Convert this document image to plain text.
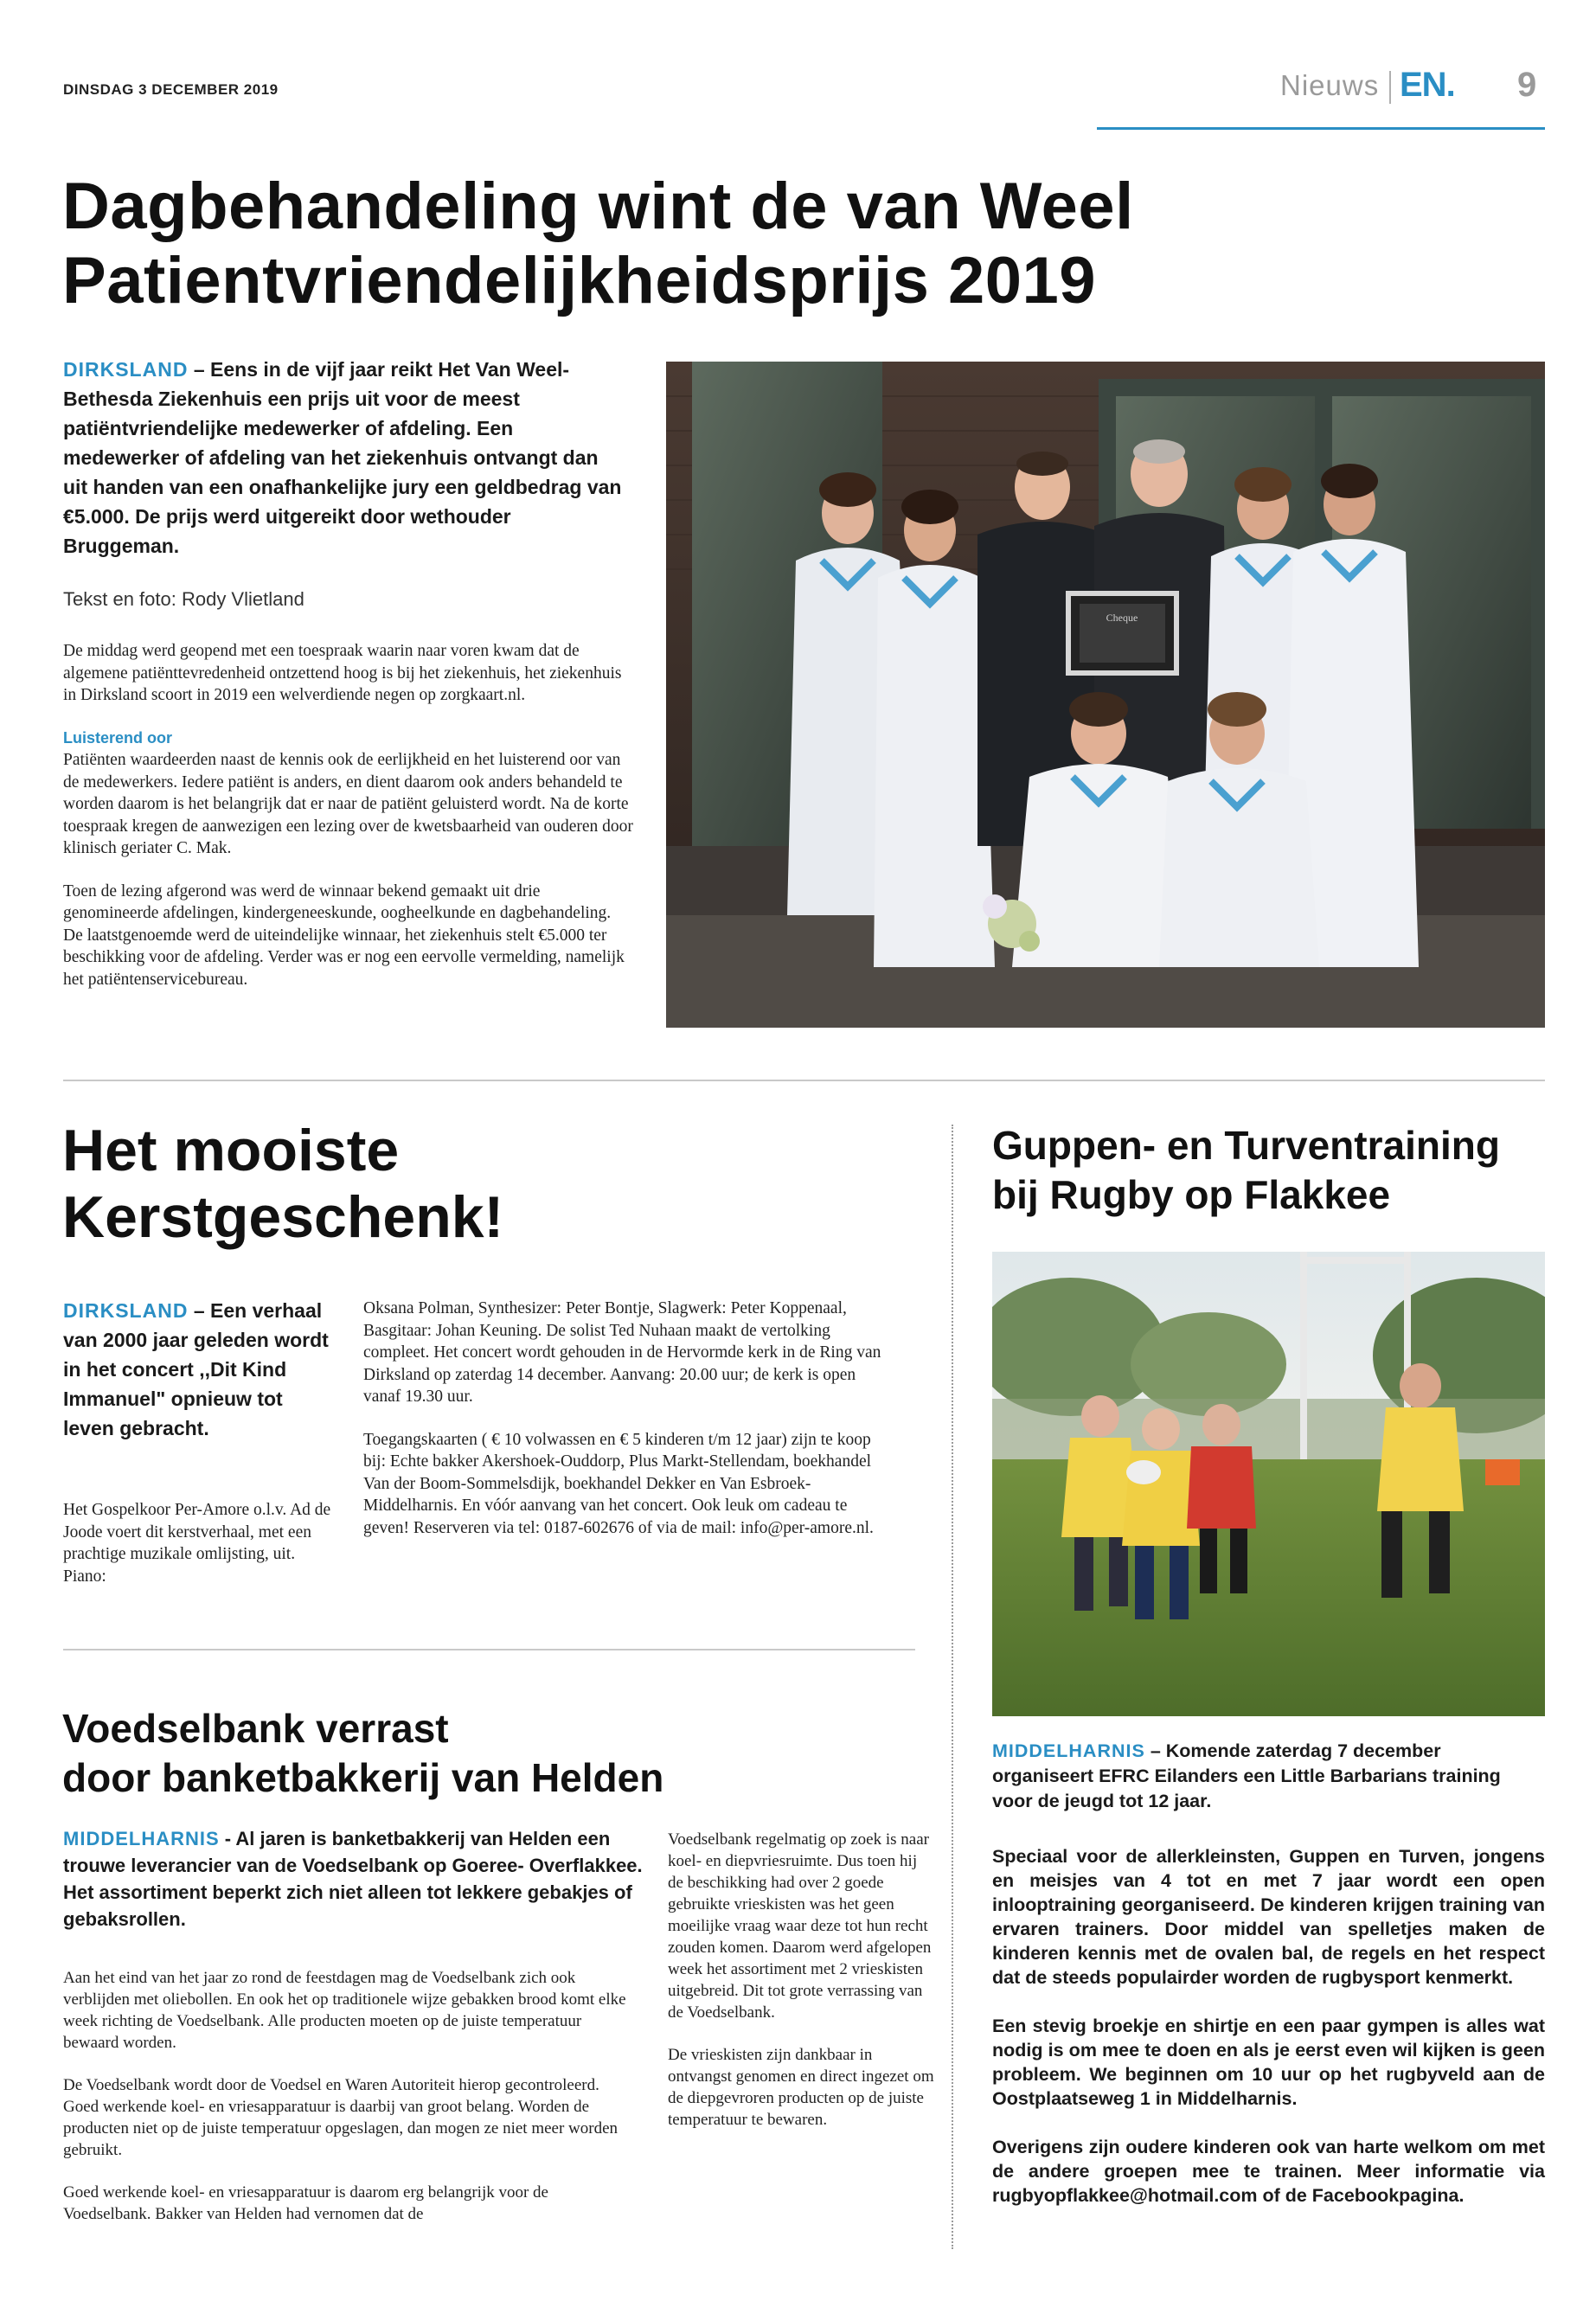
DINSDAG 3 DECEMBER 2019	Nieuws EN. 9
Dagbehandeling wint de van Weel
Patientvriendelijkheidsprijs 2019
DIRKSLAND – Eens in de vijf jaar reikt Het Van Weel-Bethesda Ziekenhuis een prijs uit voor de meest patiëntvriendelijke medewerker of afdeling. Een medewerker of afdeling van het ziekenhuis ontvangt dan uit handen van een onafhankelijke jury een geldbedrag van €5.000. De prijs werd uitgereikt door wethouder Bruggeman.
Tekst en foto: Rody Vlietland

De middag werd geopend met een toespraak waarin naar voren kwam dat de algemene patiënttevredenheid ontzettend hoog is bij het ziekenhuis, het ziekenhuis in Dirksland scoort in 2019 een welverdiende negen op zorgkaart.nl.

Luisterend oor

Patiënten waardeerden naast de kennis ook de eerlijkheid en het luisterend oor van de medewerkers. Iedere patiënt is anders, en dient daarom ook anders behandeld te worden daarom is het belangrijk dat er naar de patiënt geluisterd wordt. Na de korte toespraak kregen de aanwezigen een lezing over de kwetsbaarheid van ouderen door klinisch geriater C. Mak.

Toen de lezing afgerond was werd de winnaar bekend gemaakt uit drie genomineerde afdelingen, kindergeneeskunde, oogheelkunde en dagbehandeling. De laatstgenoemde werd de uiteindelijke winnaar, het ziekenhuis stelt €5.000 ter beschikking voor de afdeling. Verder was er nog een eervolle vermelding, namelijk het patiëntenservicebureau.

Cheque
Het mooiste
Kerstgeschenk!
DIRKSLAND – Een verhaal van 2000 jaar geleden wordt in het concert ,,Dit Kind Immanuel" opnieuw tot leven gebracht.

Het Gospelkoor Per-Amore o.l.v. Ad de Joode voert dit kerstverhaal, met een prachtige muzikale omlijsting, uit. Piano:

Oksana Polman, Synthesizer: Peter Bontje, Slagwerk: Peter Koppenaal, Basgitaar: Johan Keuning. De solist Ted Nuhaan maakt de vertolking compleet. Het concert wordt gehouden in de Hervormde kerk in de Ring van Dirksland op zaterdag 14 december. Aanvang: 20.00 uur; de kerk is open vanaf 19.30 uur.

Toegangskaarten ( € 10 volwassen en € 5 kinderen t/m 12 jaar) zijn te koop bij: Echte bakker Akershoek-Ouddorp, Plus Markt-Stellendam, boekhandel Van der Boom-Sommelsdijk, boekhandel Dekker en Van Esbroek-Middelharnis. En vóór aanvang van het concert. Ook leuk om cadeau te geven! Reserveren via tel: 0187-602676 of via de mail: info@per-amore.nl.

Guppen- en Turventraining
bij Rugby op Flakkee
MIDDELHARNIS – Komende zaterdag 7 december organiseert EFRC Eilanders een Little Barbarians training voor de jeugd tot 12 jaar.

Speciaal voor de allerkleinsten, Guppen en Turven, jongens en meisjes van 4 tot en met 7 jaar wordt een open inlooptraining georganiseerd. De kinderen krijgen training van ervaren trainers. Door middel van spelletjes maken de kinderen kennis met de ovalen bal, de regels en het respect dat de steeds populairder worden de rugbysport kenmerkt.

Een stevig broekje en shirtje en een paar gympen is alles wat nodig is om mee te doen en als je eerst even wil kijken is geen probleem. We beginnen om 10 uur op het rugbyveld aan de Oostplaatseweg 1 in Middelharnis.

Overigens zijn oudere kinderen ook van harte welkom om met de andere groepen mee te trainen. Meer informatie via rugbyopflakkee@hotmail.com of de Facebookpagina.

Voedselbank verrast
door banketbakkerij van Helden
MIDDELHARNIS - Al jaren is banketbakkerij van Helden een trouwe leverancier van de Voedselbank op Goeree- Overflakkee. Het assortiment beperkt zich niet alleen tot lekkere gebakjes of gebaksrollen.

Aan het eind van het jaar zo rond de feestdagen mag de Voedselbank zich ook verblijden met oliebollen. En ook het op traditionele wijze gebakken brood komt elke week richting de Voedselbank. Alle producten moeten op de juiste temperatuur bewaard worden.

De Voedselbank wordt door de Voedsel en Waren Autoriteit hierop gecontroleerd. Goed werkende koel- en vriesapparatuur is daarbij van groot belang. Worden de producten niet op de juiste temperatuur opgeslagen, dan mogen ze niet meer worden gebruikt.

Goed werkende koel- en vriesapparatuur is daarom erg belangrijk voor de Voedselbank. Bakker van Helden had vernomen dat de

Voedselbank regelmatig op zoek is naar koel- en diepvriesruimte. Dus toen hij de beschikking had over 2 goede gebruikte vrieskisten was het geen moeilijke vraag waar deze tot hun recht zouden komen. Daarom werd afgelopen week het assortiment met 2 vrieskisten uitgebreid. Dit tot grote verrassing van de Voedselbank.

De vrieskisten zijn dankbaar in ontvangst genomen en direct ingezet om de diepgevroren producten op de juiste temperatuur te bewaren.
